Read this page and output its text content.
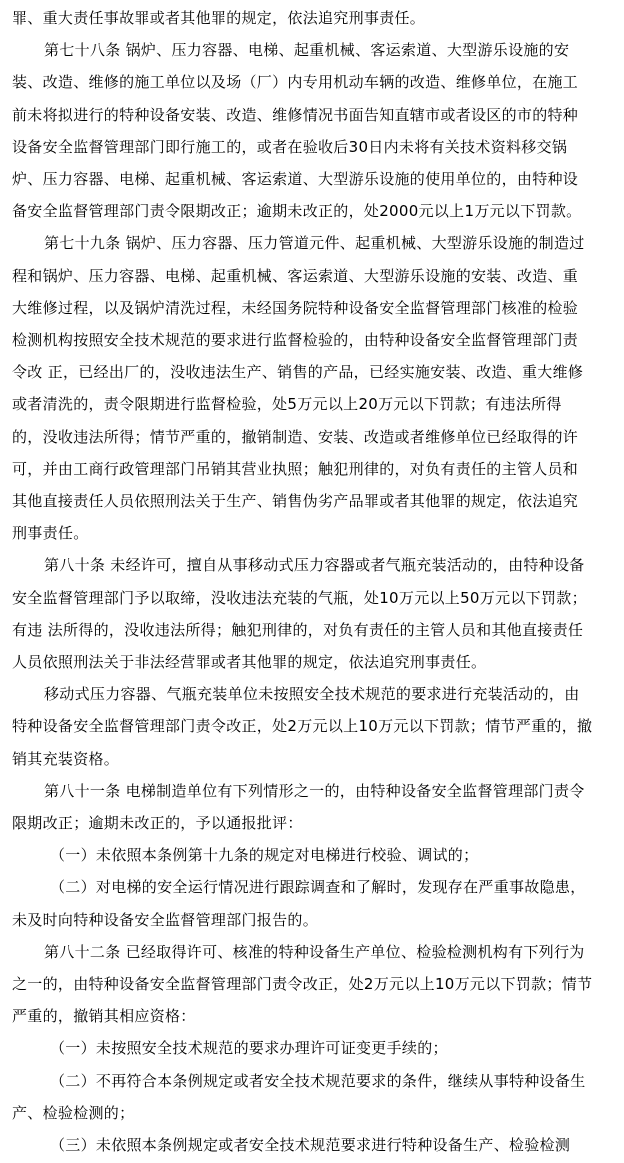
罪、重大责任事故罪或者其他罪的规定，依法追究刑事责任。
第七十八条 锅炉、压力容器、电梯、起重机械、客运索道、大型游乐设施的安
装、改造、维修的施工单位以及场（厂）内专用机动车辆的改造、维修单位，在施工
前未将拟进行的特种设备安装、改造、维修情况书面告知直辖市或者设区的市的特种
设备安全监督管理部门即行施工的，或者在验收后30日内未将有关技术资料移交锅
炉、压力容器、电梯、起重机械、客运索道、大型游乐设施的使用单位的，由特种设
备安全监督管理部门责令限期改正；逾期未改正的，处2000元以上1万元以下罚款。
第七十九条 锅炉、压力容器、压力管道元件、起重机械、大型游乐设施的制造过
程和锅炉、压力容器、电梯、起重机械、客运索道、大型游乐设施的安装、改造、重
大维修过程，以及锅炉清洗过程，未经国务院特种设备安全监督管理部门核准的检验
检测机构按照安全技术规范的要求进行监督检验的，由特种设备安全监督管理部门责
令改 正，已经出厂的，没收违法生产、销售的产品，已经实施安装、改造、重大维修
或者清洗的，责令限期进行监督检验，处5万元以上20万元以下罚款；有违法所得
的，没收违法所得；情节严重的，撤销制造、安装、改造或者维修单位已经取得的许
可，并由工商行政管理部门吊销其营业执照；触犯刑律的，对负有责任的主管人员和
其他直接责任人员依照刑法关于生产、销售伪劣产品罪或者其他罪的规定，依法追究
刑事责任。
第八十条 未经许可，擅自从事移动式压力容器或者气瓶充装活动的，由特种设备
安全监督管理部门予以取缔，没收违法充装的气瓶，处10万元以上50万元以下罚款；
有违 法所得的，没收违法所得；触犯刑律的，对负有责任的主管人员和其他直接责任
人员依照刑法关于非法经营罪或者其他罪的规定，依法追究刑事责任。
移动式压力容器、气瓶充装单位未按照安全技术规范的要求进行充装活动的，由
特种设备安全监督管理部门责令改正，处2万元以上10万元以下罚款；情节严重的，撤
销其充装资格。
第八十一条 电梯制造单位有下列情形之一的，由特种设备安全监督管理部门责令
限期改正；逾期未改正的，予以通报批评：
（一）未依照本条例第十九条的规定对电梯进行校验、调试的；
（二）对电梯的安全运行情况进行跟踪调查和了解时，发现存在严重事故隐患，
未及时向特种设备安全监督管理部门报告的。
第八十二条 已经取得许可、核准的特种设备生产单位、检验检测机构有下列行为
之一的，由特种设备安全监督管理部门责令改正，处2万元以上10万元以下罚款；情节
严重的，撤销其相应资格：
（一）未按照安全技术规范的要求办理许可证变更手续的；
（二）不再符合本条例规定或者安全技术规范要求的条件，继续从事特种设备生
产、检验检测的；
（三）未依照本条例规定或者安全技术规范要求进行特种设备生产、检验检测
